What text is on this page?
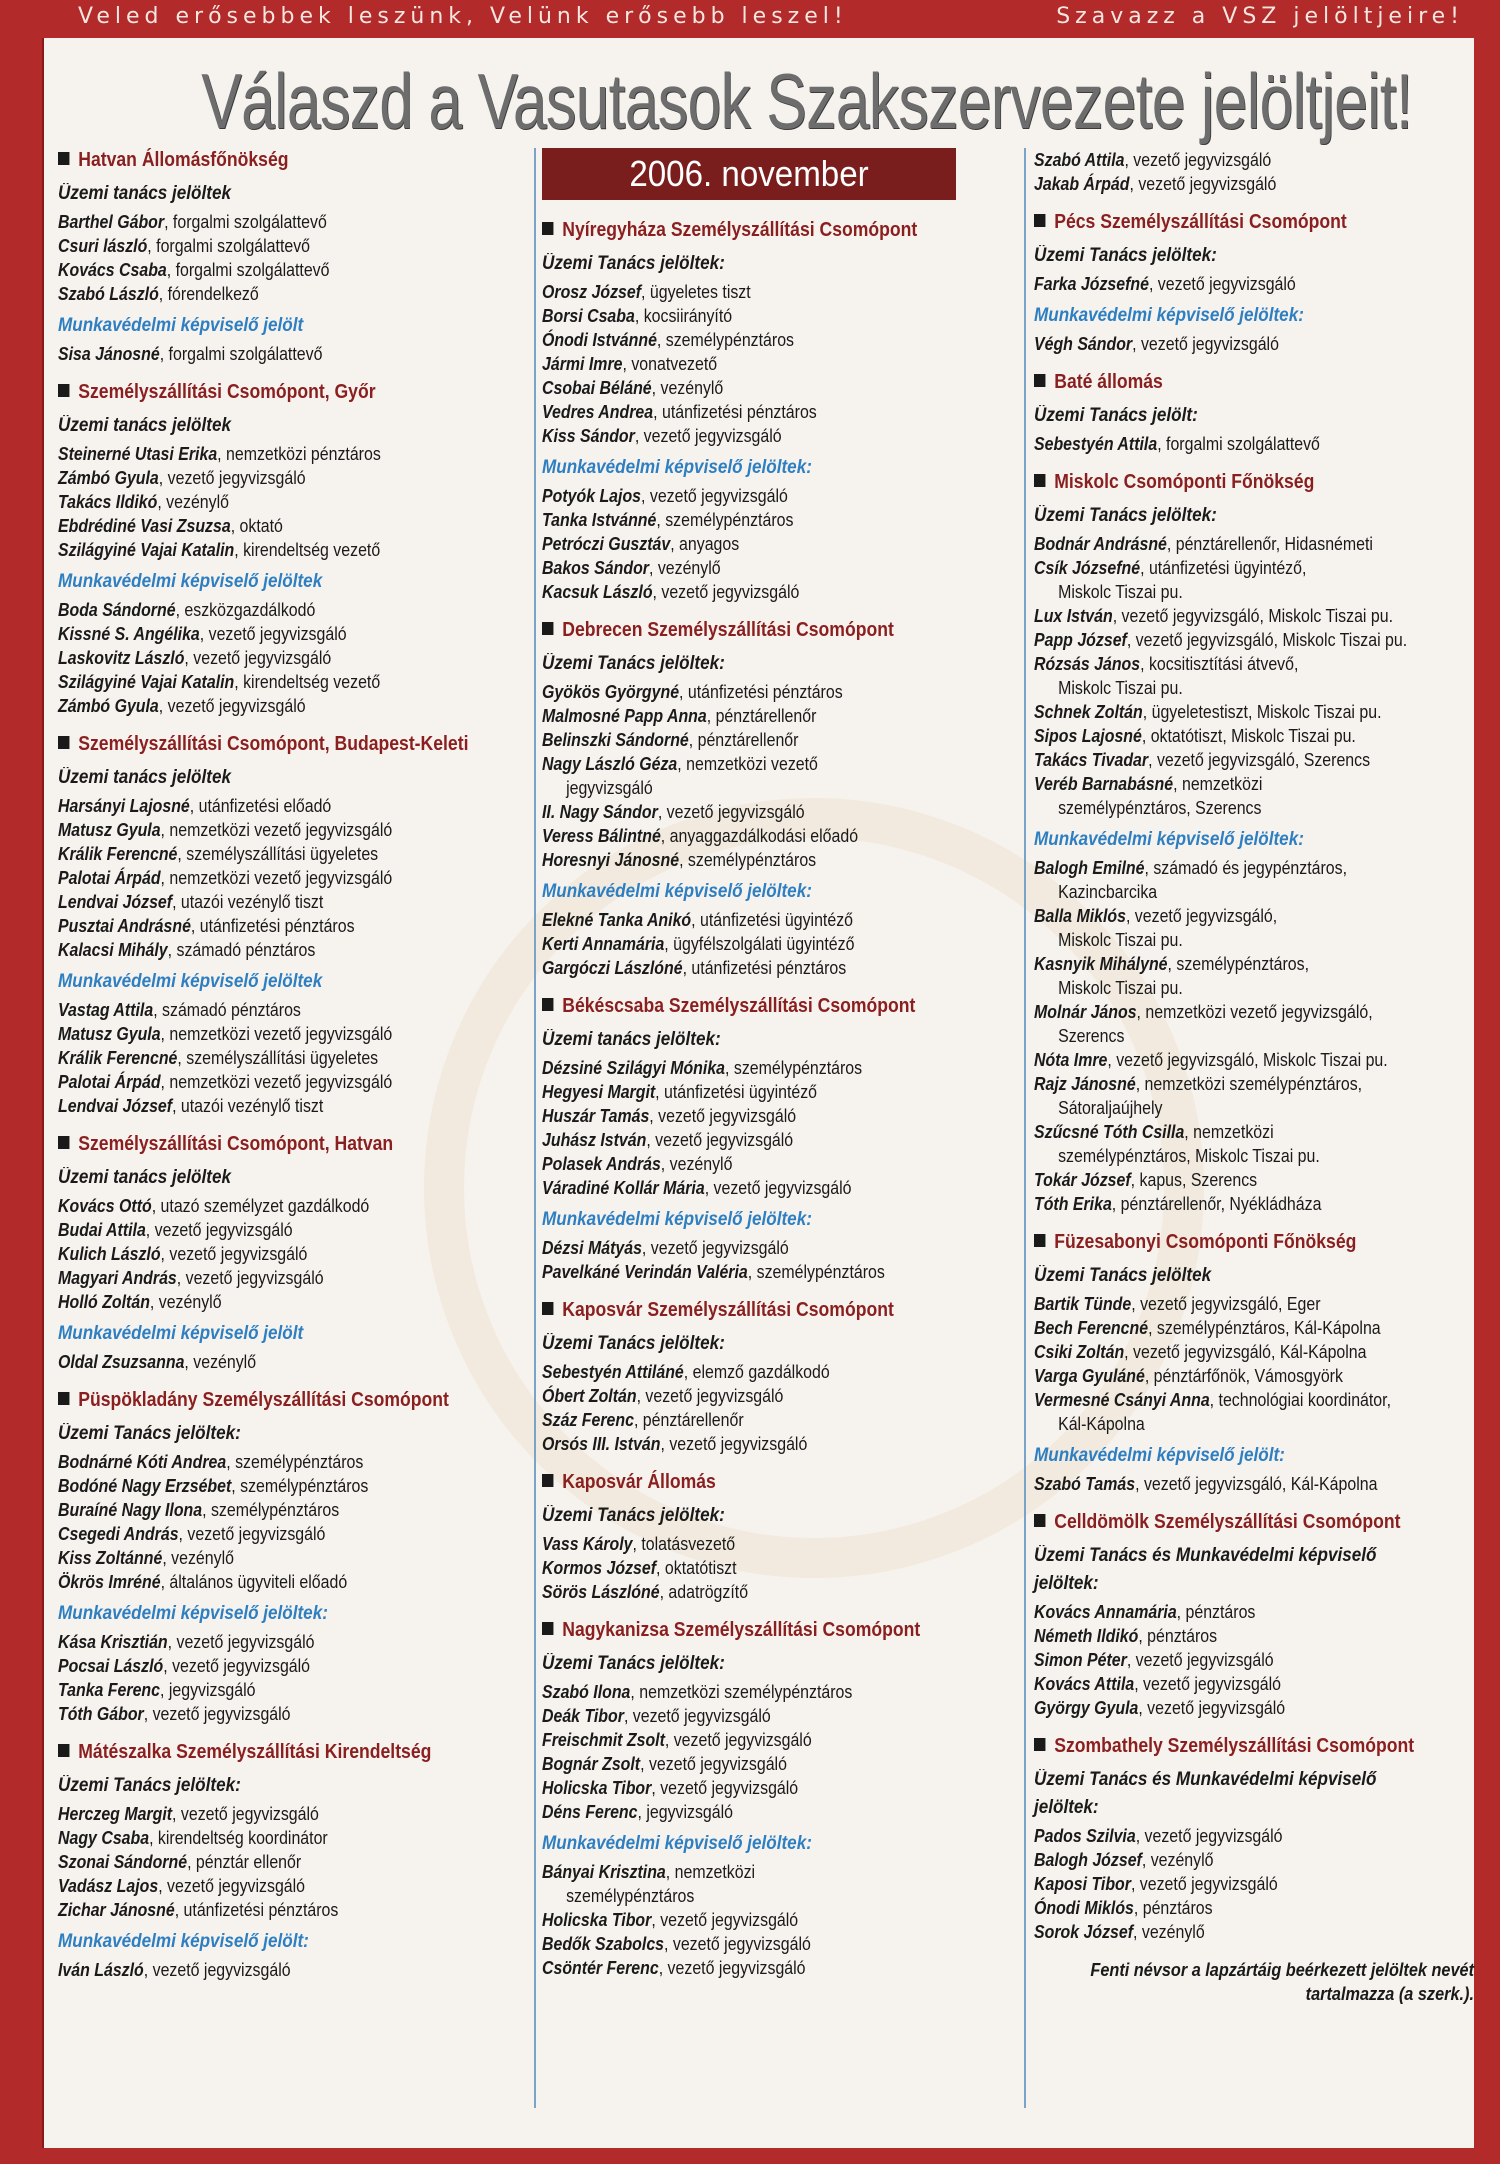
Veled erősebbek leszünk, Velünk erősebb leszel!	Szavazz a VSZ jelöltjeire!
Válaszd a Vasutasok Szakszervezete jelöltjeit!
Hatvan Állomásfőnökség
Üzemi tanács jelöltek
Barthel Gábor, forgalmi szolgálattevő
Csuri lászló, forgalmi szolgálattevő
Kovács Csaba, forgalmi szolgálattevő
Szabó László, fórendelkező
Munkavédelmi képviselő jelölt
Sisa Jánosné, forgalmi szolgálattevő
Személyszállítási Csomópont, Győr
Üzemi tanács jelöltek
Steinerné Utasi Erika, nemzetközi pénztáros
Zámbó Gyula, vezető jegyvizsgáló
Takács Ildikó, vezénylő
Ebdrédiné Vasi Zsuzsa, oktató
Szilágyiné Vajai Katalin, kirendeltség vezető
Munkavédelmi képviselő jelöltek
Boda Sándorné, eszközgazdálkodó
Kissné S. Angélika, vezető jegyvizsgáló
Laskovitz László, vezető jegyvizsgáló
Szilágyiné Vajai Katalin, kirendeltség vezető
Zámbó Gyula, vezető jegyvizsgáló
Személyszállítási Csomópont, Budapest-Keleti
Üzemi tanács jelöltek
Harsányi Lajosné, utánfizetési előadó
Matusz Gyula, nemzetközi vezető jegyvizsgáló
Králik Ferencné, személyszállítási ügyeletes
Palotai Árpád, nemzetközi vezető jegyvizsgáló
Lendvai József, utazói vezénylő tiszt
Pusztai Andrásné, utánfizetési pénztáros
Kalacsi Mihály, számadó pénztáros
Munkavédelmi képviselő jelöltek
Vastag Attila, számadó pénztáros
Matusz Gyula, nemzetközi vezető jegyvizsgáló
Králik Ferencné, személyszállítási ügyeletes
Palotai Árpád, nemzetközi vezető jegyvizsgáló
Lendvai József, utazói vezénylő tiszt
Személyszállítási Csomópont, Hatvan
Üzemi tanács jelöltek
Kovács Ottó, utazó személyzet gazdálkodó
Budai Attila, vezető jegyvizsgáló
Kulich László, vezető jegyvizsgáló
Magyari András, vezető jegyvizsgáló
Holló Zoltán, vezénylő
Munkavédelmi képviselő jelölt
Oldal Zsuzsanna, vezénylő
Püspökladány Személyszállítási Csomópont
Üzemi Tanács jelöltek:
Bodnárné Kóti Andrea, személypénztáros
Bodóné Nagy Erzsébet, személypénztáros
Buraíné Nagy Ilona, személypénztáros
Csegedi András, vezető jegyvizsgáló
Kiss Zoltánné, vezénylő
Ökrös Imréné, általános ügyviteli előadó
Munkavédelmi képviselő jelöltek:
Kása Krisztián, vezető jegyvizsgáló
Pocsai László, vezető jegyvizsgáló
Tanka Ferenc, jegyvizsgáló
Tóth Gábor, vezető jegyvizsgáló
Mátészalka Személyszállítási Kirendeltség
Üzemi Tanács jelöltek:
Herczeg Margit, vezető jegyvizsgáló
Nagy Csaba, kirendeltség koordinátor
Szonai Sándorné, pénztár ellenőr
Vadász Lajos, vezető jegyvizsgáló
Zichar Jánosné, utánfizetési pénztáros
Munkavédelmi képviselő jelölt:
Iván László, vezető jegyvizsgáló
2006. november
Nyíregyháza Személyszállítási Csomópont
Üzemi Tanács jelöltek:
Orosz József, ügyeletes tiszt
Borsi Csaba, kocsiirányító
Ónodi Istvánné, személypénztáros
Jármi Imre, vonatvezető
Csobai Béláné, vezénylő
Vedres Andrea, utánfizetési pénztáros
Kiss Sándor, vezető jegyvizsgáló
Munkavédelmi képviselő jelöltek:
Potyók Lajos, vezető jegyvizsgáló
Tanka Istvánné, személypénztáros
Petróczi Gusztáv, anyagos
Bakos Sándor, vezénylő
Kacsuk László, vezető jegyvizsgáló
Debrecen Személyszállítási Csomópont
Üzemi Tanács jelöltek:
Gyökös Györgyné, utánfizetési pénztáros
Malmosné Papp Anna, pénztárellenőr
Belinszki Sándorné, pénztárellenőr
Nagy László Géza, nemzetközi vezető
jegyvizsgáló
II. Nagy Sándor, vezető jegyvizsgáló
Veress Bálintné, anyaggazdálkodási előadó
Horesnyi Jánosné, személypénztáros
Munkavédelmi képviselő jelöltek:
Elekné Tanka Anikó, utánfizetési ügyintéző
Kerti Annamária, ügyfélszolgálati ügyintéző
Gargóczi Lászlóné, utánfizetési pénztáros
Békéscsaba Személyszállítási Csomópont
Üzemi tanács jelöltek:
Dézsiné Szilágyi Mónika, személypénztáros
Hegyesi Margit, utánfizetési ügyintéző
Huszár Tamás, vezető jegyvizsgáló
Juhász István, vezető jegyvizsgáló
Polasek András, vezénylő
Váradiné Kollár Mária, vezető jegyvizsgáló
Munkavédelmi képviselő jelöltek:
Dézsi Mátyás, vezető jegyvizsgáló
Pavelkáné Verindán Valéria, személypénztáros
Kaposvár Személyszállítási Csomópont
Üzemi Tanács jelöltek:
Sebestyén Attiláné, elemző gazdálkodó
Óbert Zoltán, vezető jegyvizsgáló
Száz Ferenc, pénztárellenőr
Orsós III. István, vezető jegyvizsgáló
Kaposvár Állomás
Üzemi Tanács jelöltek:
Vass Károly, tolatásvezető
Kormos József, oktatótiszt
Sörös Lászlóné, adatrögzítő
Nagykanizsa Személyszállítási Csomópont
Üzemi Tanács jelöltek:
Szabó Ilona, nemzetközi személypénztáros
Deák Tibor, vezető jegyvizsgáló
Freischmit Zsolt, vezető jegyvizsgáló
Bognár Zsolt, vezető jegyvizsgáló
Holicska Tibor, vezető jegyvizsgáló
Déns Ferenc, jegyvizsgáló
Munkavédelmi képviselő jelöltek:
Bányai Krisztina, nemzetközi
személypénztáros
Holicska Tibor, vezető jegyvizsgáló
Bedők Szabolcs, vezető jegyvizsgáló
Csöntér Ferenc, vezető jegyvizsgáló
Szabó Attila, vezető jegyvizsgáló
Jakab Árpád, vezető jegyvizsgáló
Pécs Személyszállítási Csomópont
Üzemi Tanács jelöltek:
Farka Józsefné, vezető jegyvizsgáló
Munkavédelmi képviselő jelöltek:
Végh Sándor, vezető jegyvizsgáló
Baté állomás
Üzemi Tanács jelölt:
Sebestyén Attila, forgalmi szolgálattevő
Miskolc Csomóponti Főnökség
Üzemi Tanács jelöltek:
Bodnár Andrásné, pénztárellenőr, Hidasnémeti
Csík Józsefné, utánfizetési ügyintéző,
Miskolc Tiszai pu.
Lux István, vezető jegyvizsgáló, Miskolc Tiszai pu.
Papp József, vezető jegyvizsgáló, Miskolc Tiszai pu.
Rózsás János, kocsitisztítási átvevő,
Miskolc Tiszai pu.
Schnek Zoltán, ügyeletestiszt, Miskolc Tiszai pu.
Sipos Lajosné, oktatótiszt, Miskolc Tiszai pu.
Takács Tivadar, vezető jegyvizsgáló, Szerencs
Veréb Barnabásné, nemzetközi
személypénztáros, Szerencs
Munkavédelmi képviselő jelöltek:
Balogh Emilné, számadó és jegypénztáros,
Kazincbarcika
Balla Miklós, vezető jegyvizsgáló,
Miskolc Tiszai pu.
Kasnyik Mihályné, személypénztáros,
Miskolc Tiszai pu.
Molnár János, nemzetközi vezető jegyvizsgáló,
Szerencs
Nóta Imre, vezető jegyvizsgáló, Miskolc Tiszai pu.
Rajz Jánosné, nemzetközi személypénztáros,
Sátoraljaújhely
Szűcsné Tóth Csilla, nemzetközi
személypénztáros, Miskolc Tiszai pu.
Tokár József, kapus, Szerencs
Tóth Erika, pénztárellenőr, Nyékládháza
Füzesabonyi Csomóponti Főnökség
Üzemi Tanács jelöltek
Bartik Tünde, vezető jegyvizsgáló, Eger
Bech Ferencné, személypénztáros, Kál-Kápolna
Csiki Zoltán, vezető jegyvizsgáló, Kál-Kápolna
Varga Gyuláné, pénztárfőnök, Vámosgyörk
Vermesné Csányi Anna, technológiai koordinátor,
Kál-Kápolna
Munkavédelmi képviselő jelölt:
Szabó Tamás, vezető jegyvizsgáló, Kál-Kápolna
Celldömölk Személyszállítási Csomópont
Üzemi Tanács és Munkavédelmi képviselő
jelöltek:
Kovács Annamária, pénztáros
Németh Ildikó, pénztáros
Simon Péter, vezető jegyvizsgáló
Kovács Attila, vezető jegyvizsgáló
György Gyula, vezető jegyvizsgáló
Szombathely Személyszállítási Csomópont
Üzemi Tanács és Munkavédelmi képviselő
jelöltek:
Pados Szilvia, vezető jegyvizsgáló
Balogh József, vezénylő
Kaposi Tibor, vezető jegyvizsgáló
Ónodi Miklós, pénztáros
Sorok József, vezénylő
Fenti névsor a lapzártáig beérkezett jelöltek nevét
tartalmazza (a szerk.).
